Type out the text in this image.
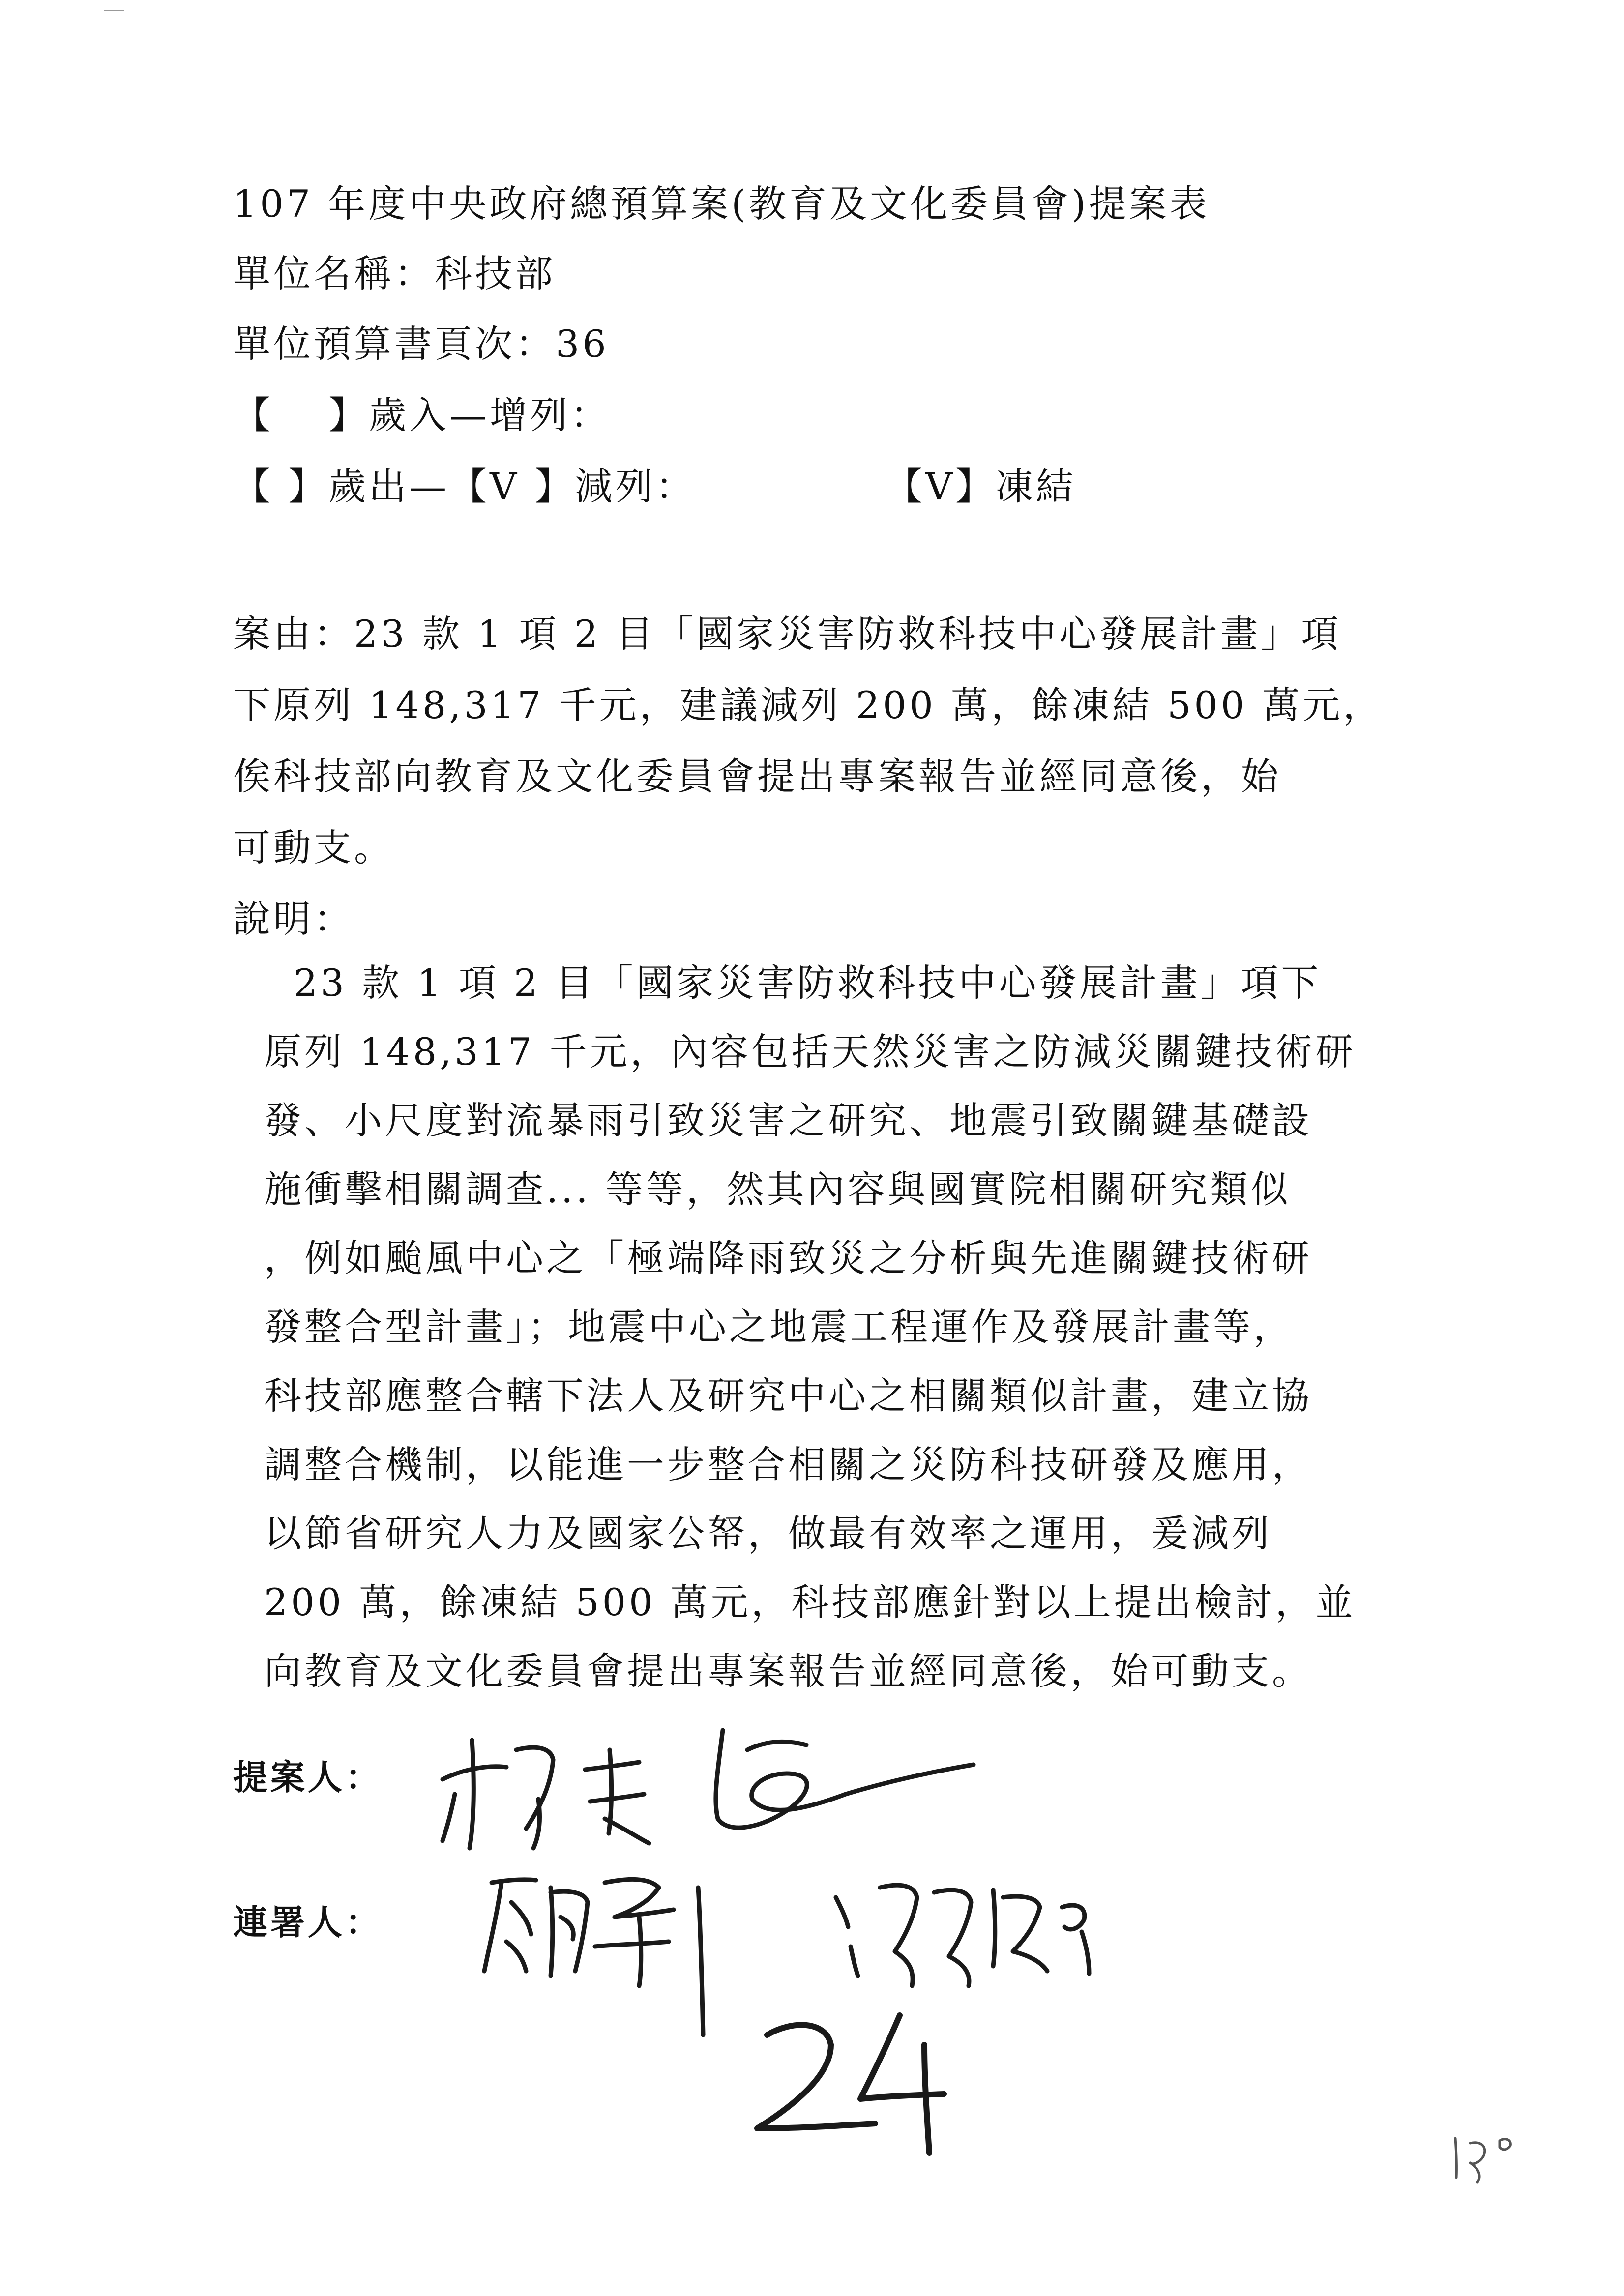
107 年度中央政府總預算案(教育及文化委員會)提案表
單位名稱：科技部
單位預算書頁次：36
【　 】歲入—增列：
【 】歲出—【V 】減列：	【V】凍結
案由：23 款 1 項 2 目「國家災害防救科技中心發展計畫」項
下原列 148,317 千元，建議減列 200 萬，餘凍結 500 萬元，
俟科技部向教育及文化委員會提出專案報告並經同意後，始
可動支。
說明：
23 款 1 項 2 目「國家災害防救科技中心發展計畫」項下
原列 148,317 千元，內容包括天然災害之防減災關鍵技術研
發、小尺度對流暴雨引致災害之研究、地震引致關鍵基礎設
施衝擊相關調查... 等等，然其內容與國實院相關研究類似
，例如颱風中心之「極端降雨致災之分析與先進關鍵技術研
發整合型計畫」；地震中心之地震工程運作及發展計畫等，
科技部應整合轄下法人及研究中心之相關類似計畫，建立協
調整合機制，以能進一步整合相關之災防科技研發及應用，
以節省研究人力及國家公帑，做最有效率之運用，爰減列
200 萬，餘凍結 500 萬元，科技部應針對以上提出檢討，並
向教育及文化委員會提出專案報告並經同意後，始可動支。
提案人：
連署人：
